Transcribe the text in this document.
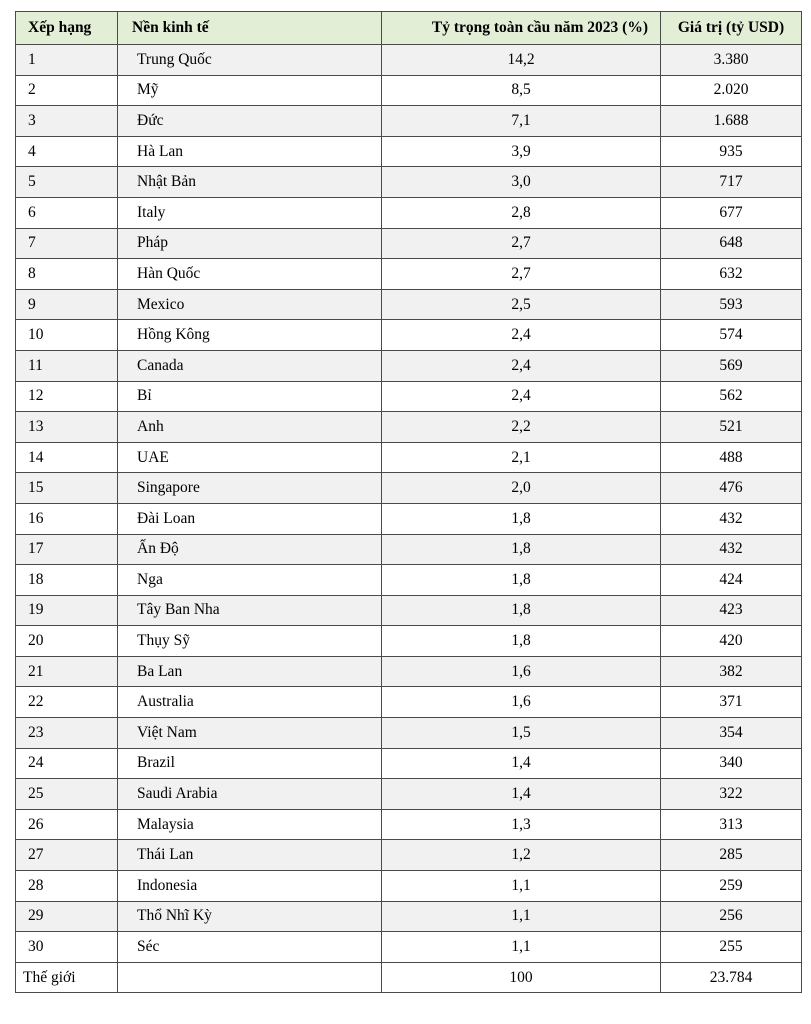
Xếp hạng	Nền kinh tế	Tỷ trọng toàn cầu năm 2023 (%)	Giá trị (tỷ USD)
1	Trung Quốc	14,2	3.380
2	Mỹ	8,5	2.020
3	Đức	7,1	1.688
4	Hà Lan	3,9	935
5	Nhật Bản	3,0	717
6	Italy	2,8	677
7	Pháp	2,7	648
8	Hàn Quốc	2,7	632
9	Mexico	2,5	593
10	Hồng Kông	2,4	574
11	Canada	2,4	569
12	Bỉ	2,4	562
13	Anh	2,2	521
14	UAE	2,1	488
15	Singapore	2,0	476
16	Đài Loan	1,8	432
17	Ấn Độ	1,8	432
18	Nga	1,8	424
19	Tây Ban Nha	1,8	423
20	Thụy Sỹ	1,8	420
21	Ba Lan	1,6	382
22	Australia	1,6	371
23	Việt Nam	1,5	354
24	Brazil	1,4	340
25	Saudi Arabia	1,4	322
26	Malaysia	1,3	313
27	Thái Lan	1,2	285
28	Indonesia	1,1	259
29	Thổ Nhĩ Kỳ	1,1	256
30	Séc	1,1	255
Thế giới		100	23.784
